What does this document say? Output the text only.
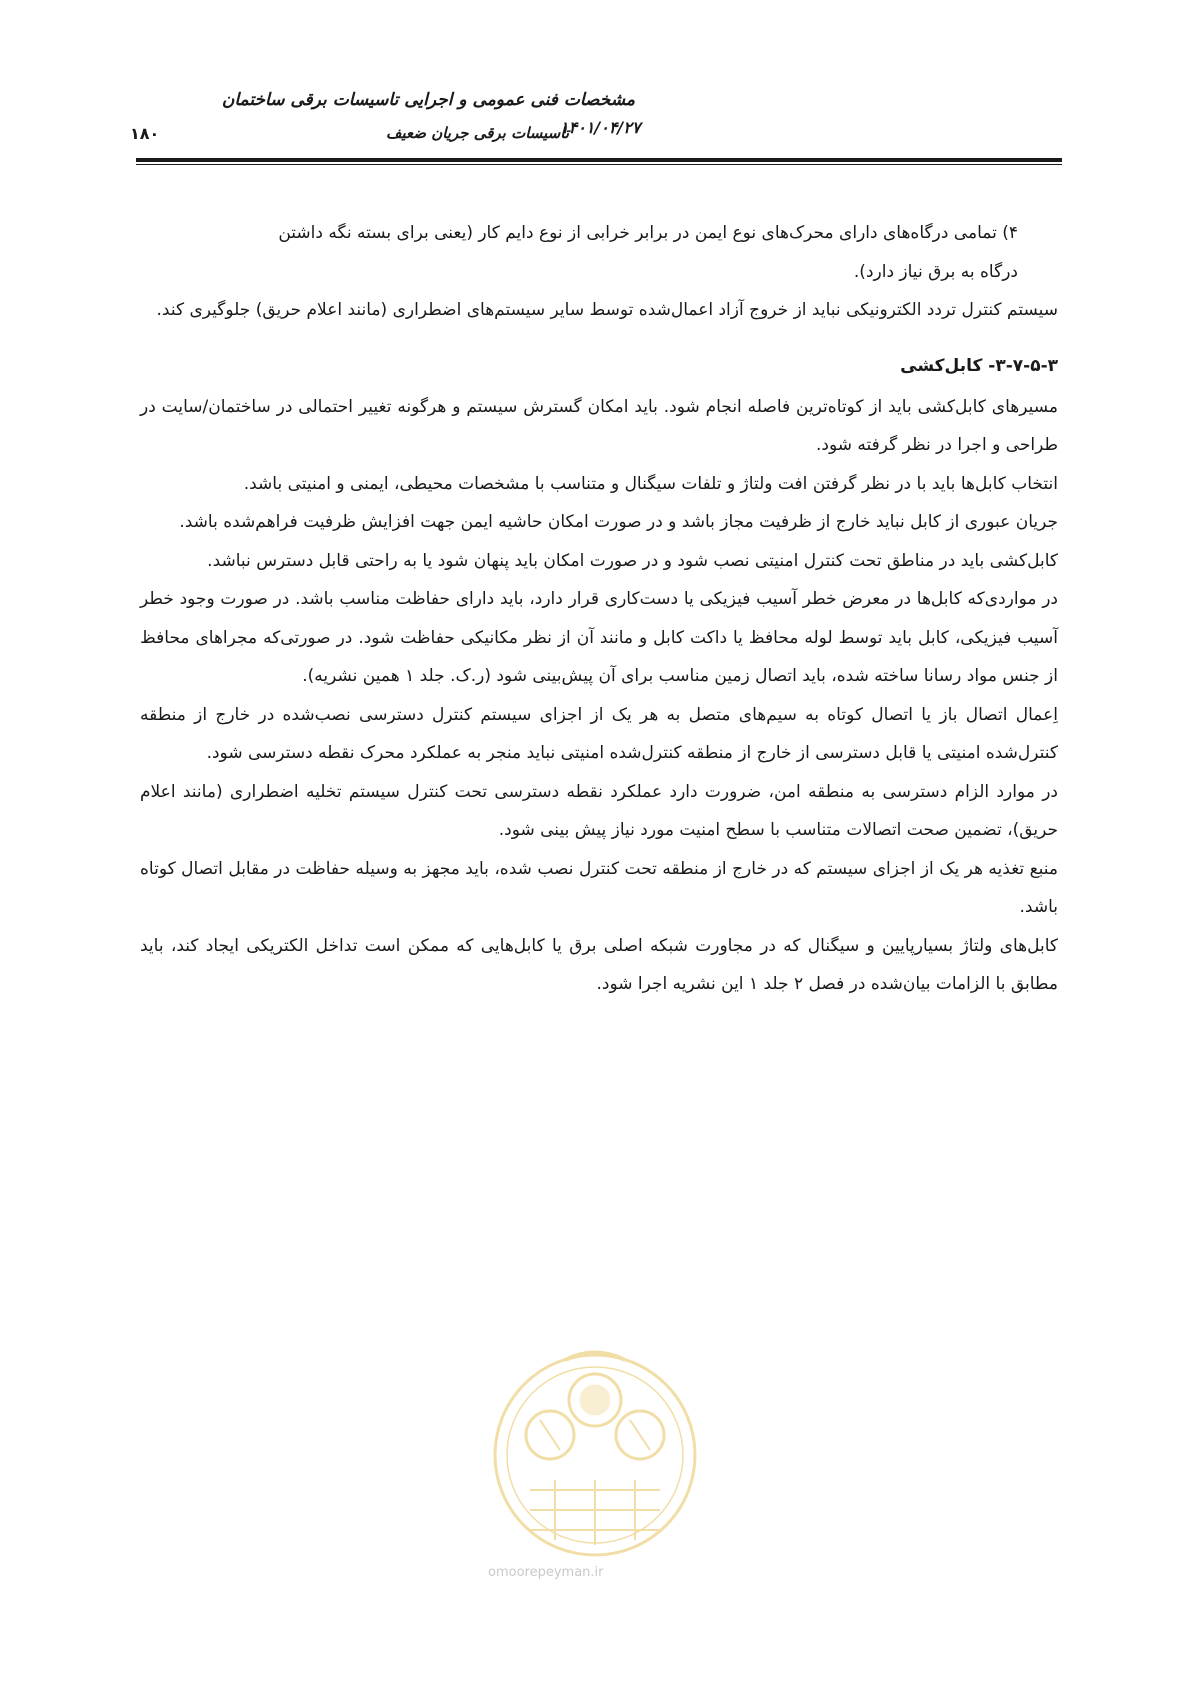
مشخصات فنی عمومی و اجرایی تاسیسات برقی ساختمان
تاسیسات برقی جریان ضعیف
۱۴۰۱/۰۴/۲۷
۱۸۰

۴) تمامی درگاه‌های دارای محرک‌های نوع ایمن در برابر خرابی از نوع دایم کار (یعنی برای بسته نگه داشتن

درگاه به برق نیاز دارد).

سیستم کنترل تردد الکترونیکی نباید از خروج آزاد اعمال‌شده توسط سایر سیستم‌های اضطراری (مانند اعلام حریق) جلوگیری کند.

۳-۷-۵-۳- کابل‌کشی

مسیرهای کابل‌کشی باید از کوتاه‌ترین فاصله انجام شود. باید امکان گسترش سیستم و هرگونه تغییر احتمالی در ساختمان/سایت در طراحی و اجرا در نظر گرفته شود.

انتخاب کابل‌ها باید با در نظر گرفتن افت ولتاژ و تلفات سیگنال و متناسب با مشخصات محیطی، ایمنی و امنیتی باشد.

جریان عبوری از کابل نباید خارج از ظرفیت مجاز باشد و در صورت امکان حاشیه ایمن جهت افزایش ظرفیت فراهم‌شده باشد.

کابل‌کشی باید در مناطق تحت کنترل امنیتی نصب شود و در صورت امکان باید پنهان شود یا به راحتی قابل دسترس نباشد.

در مواردی‌که کابل‌ها در معرض خطر آسیب فیزیکی یا دست‌کاری قرار دارد، باید دارای حفاظت مناسب باشد. در صورت وجود خطر آسیب فیزیکی، کابل باید توسط لوله محافظ یا داکت کابل و مانند آن از نظر مکانیکی حفاظت شود. در صورتی‌که مجراهای محافظ از جنس مواد رسانا ساخته شده، باید اتصال زمین مناسب برای آن پیش‌بینی شود (ر.ک. جلد ۱ همین نشریه).

اِعمال اتصال باز یا اتصال کوتاه به سیم‌های متصل به هر یک از اجزای سیستم کنترل دسترسی نصب‌شده در خارج از منطقه کنترل‌شده امنیتی یا قابل دسترسی از خارج از منطقه کنترل‌شده امنیتی نباید منجر به عملکرد محرک نقطه دسترسی شود.

در موارد الزام دسترسی به منطقه امن، ضرورت دارد عملکرد نقطه دسترسی تحت کنترل سیستم تخلیه اضطراری (مانند اعلام حریق)، تضمین صحت اتصالات متناسب با سطح امنیت مورد نیاز پیش بینی شود.

منبع تغذیه هر یک از اجزای سیستم که در خارج از منطقه تحت کنترل نصب شده، باید مجهز به وسیله حفاظت در مقابل اتصال کوتاه باشد.

کابل‌های ولتاژ بسیارپایین و سیگنال که در مجاورت شبکه اصلی برق یا کابل‌هایی که ممکن است تداخل الکتریکی ایجاد کند، باید مطابق با الزامات بیان‌شده در فصل ۲ جلد ۱ این نشریه اجرا شود.

omoorepeyman.ir
